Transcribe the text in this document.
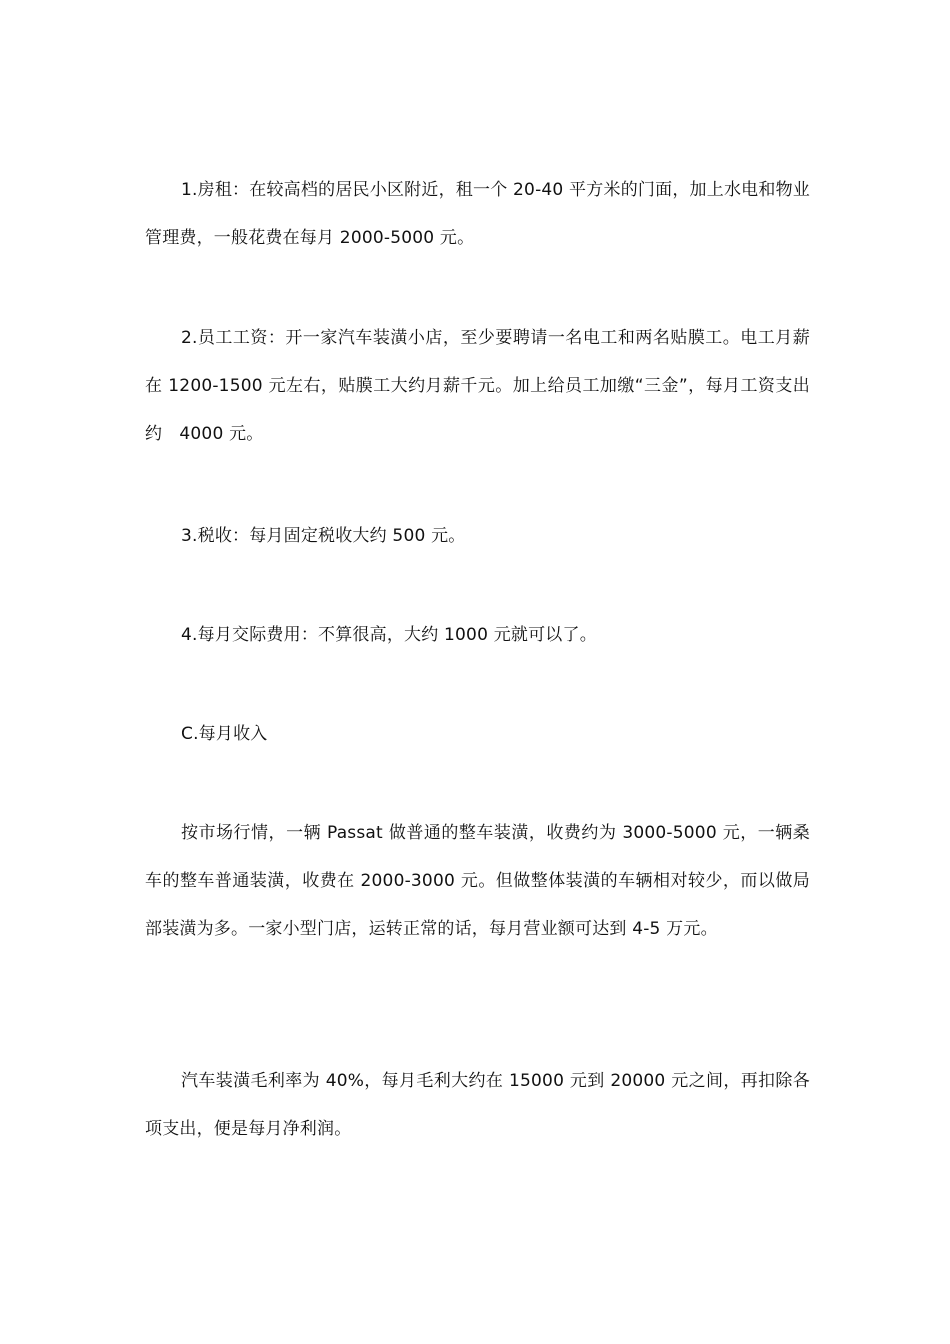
1.房租：在较高档的居民小区附近，租一个 20-40 平方米的门面，加上水电和物业管理费，一般花费在每月 2000-5000 元。

2.员工工资：开一家汽车装潢小店，至少要聘请一名电工和两名贴膜工。电工月薪在 1200-1500 元左右，贴膜工大约月薪千元。加上给员工加缴“三金”，每月工资支出约　4000 元。

3.税收：每月固定税收大约 500 元。

4.每月交际费用：不算很高，大约 1000 元就可以了。

C.每月收入

按市场行情，一辆 Passat 做普通的整车装潢，收费约为 3000-5000 元，一辆桑车的整车普通装潢，收费在 2000-3000 元。但做整体装潢的车辆相对较少，而以做局部装潢为多。一家小型门店，运转正常的话，每月营业额可达到 4-5 万元。

汽车装潢毛利率为 40%，每月毛利大约在 15000 元到 20000 元之间，再扣除各项支出，便是每月净利润。
